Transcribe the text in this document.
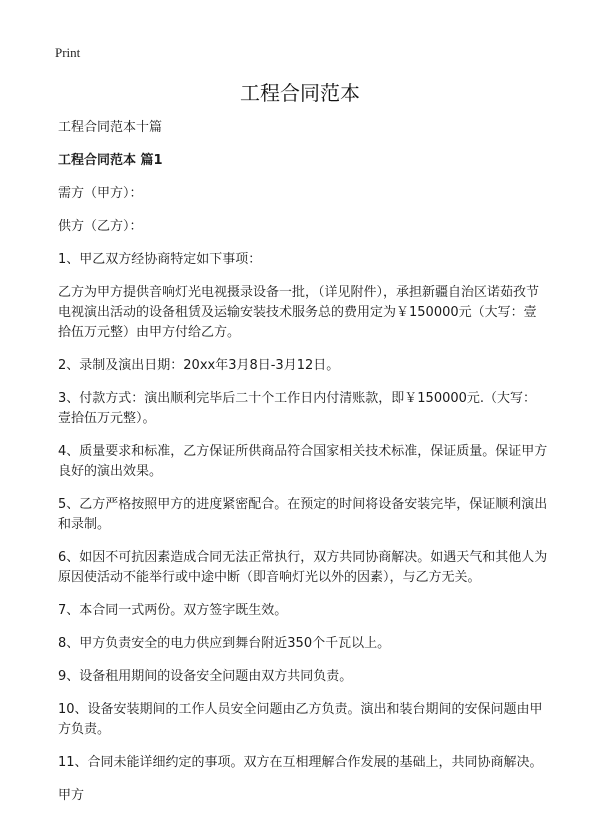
Print
工程合同范本

工程合同范本十篇

工程合同范本 篇1

需方（甲方）：

供方（乙方）：

1、甲乙双方经协商特定如下事项：

乙方为甲方提供音响灯光电视摄录设备一批，（详见附件），承担新疆自治区诺茹孜节电视演出活动的设备租赁及运输安装技术服务总的费用定为￥150000元（大写：壹拾伍万元整）由甲方付给乙方。

2、录制及演出日期：20xx年3月8日-3月12日。

3、付款方式：演出顺利完毕后二十个工作日内付清账款，即￥150000元.（大写：壹拾伍万元整）。

4、质量要求和标准，乙方保证所供商品符合国家相关技术标准，保证质量。保证甲方良好的演出效果。

5、乙方严格按照甲方的进度紧密配合。在预定的时间将设备安装完毕，保证顺利演出和录制。

6、如因不可抗因素造成合同无法正常执行，双方共同协商解决。如遇天气和其他人为原因使活动不能举行或中途中断（即音响灯光以外的因素），与乙方无关。

7、本合同一式两份。双方签字既生效。

8、甲方负责安全的电力供应到舞台附近350个千瓦以上。

9、设备租用期间的设备安全问题由双方共同负责。

10、设备安装期间的工作人员安全问题由乙方负责。演出和装台期间的安保问题由甲方负责。

11、合同未能详细约定的事项。双方在互相理解合作发展的基础上，共同协商解决。

甲方
